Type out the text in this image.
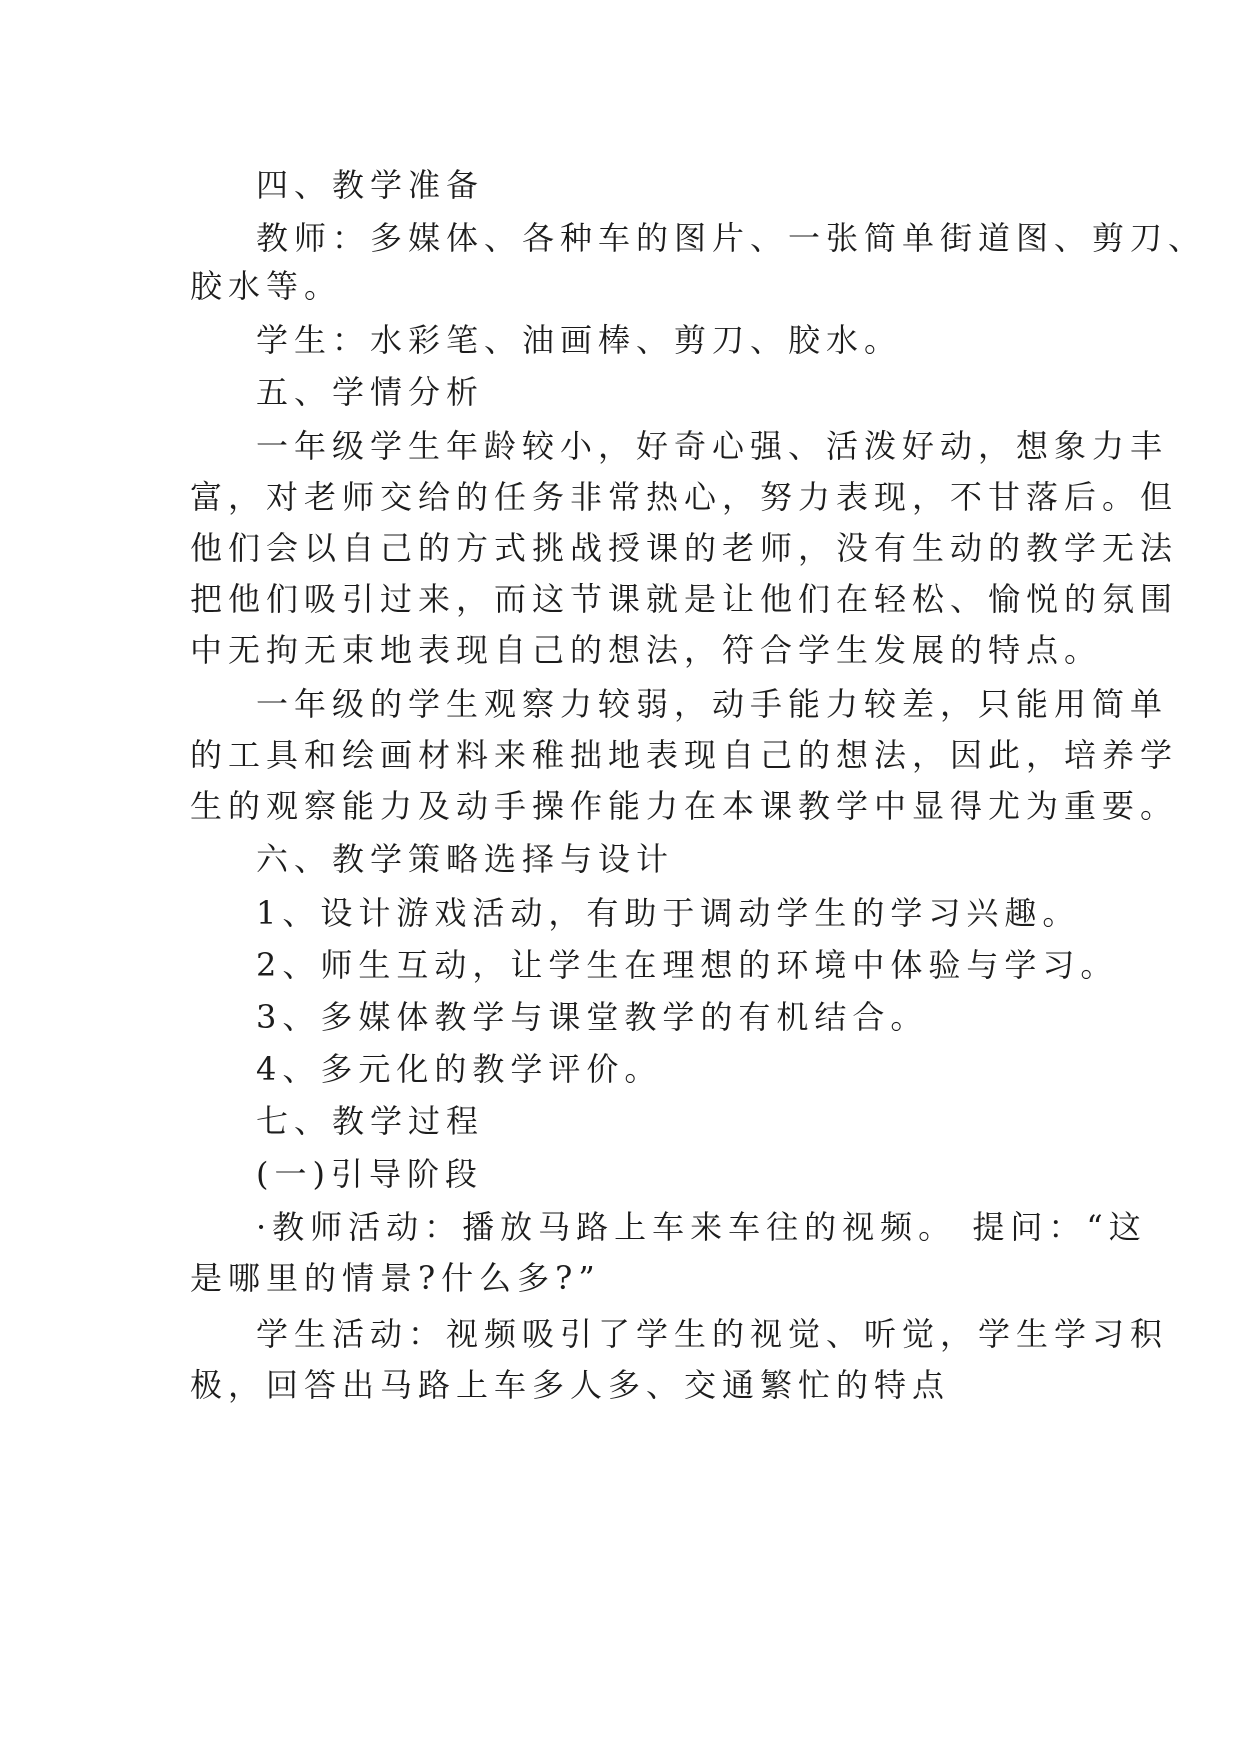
四、教学准备
教师：多媒体、各种车的图片、一张简单街道图、剪刀、
胶水等。
学生：水彩笔、油画棒、剪刀、胶水。
五、学情分析
一年级学生年龄较小，好奇心强、活泼好动，想象力丰
富，对老师交给的任务非常热心，努力表现，不甘落后。但
他们会以自己的方式挑战授课的老师，没有生动的教学无法
把他们吸引过来，而这节课就是让他们在轻松、愉悦的氛围
中无拘无束地表现自己的想法，符合学生发展的特点。
一年级的学生观察力较弱，动手能力较差，只能用简单
的工具和绘画材料来稚拙地表现自己的想法，因此，培养学
生的观察能力及动手操作能力在本课教学中显得尤为重要。
六、教学策略选择与设计
1、设计游戏活动，有助于调动学生的学习兴趣。
2、师生互动，让学生在理想的环境中体验与学习。
3、多媒体教学与课堂教学的有机结合。
4、多元化的教学评价。
七、教学过程
(一)引导阶段
·教师活动：播放马路上车来车往的视频。 提问：“这
是哪里的情景?什么多?”
学生活动：视频吸引了学生的视觉、听觉，学生学习积
极，回答出马路上车多人多、交通繁忙的特点
